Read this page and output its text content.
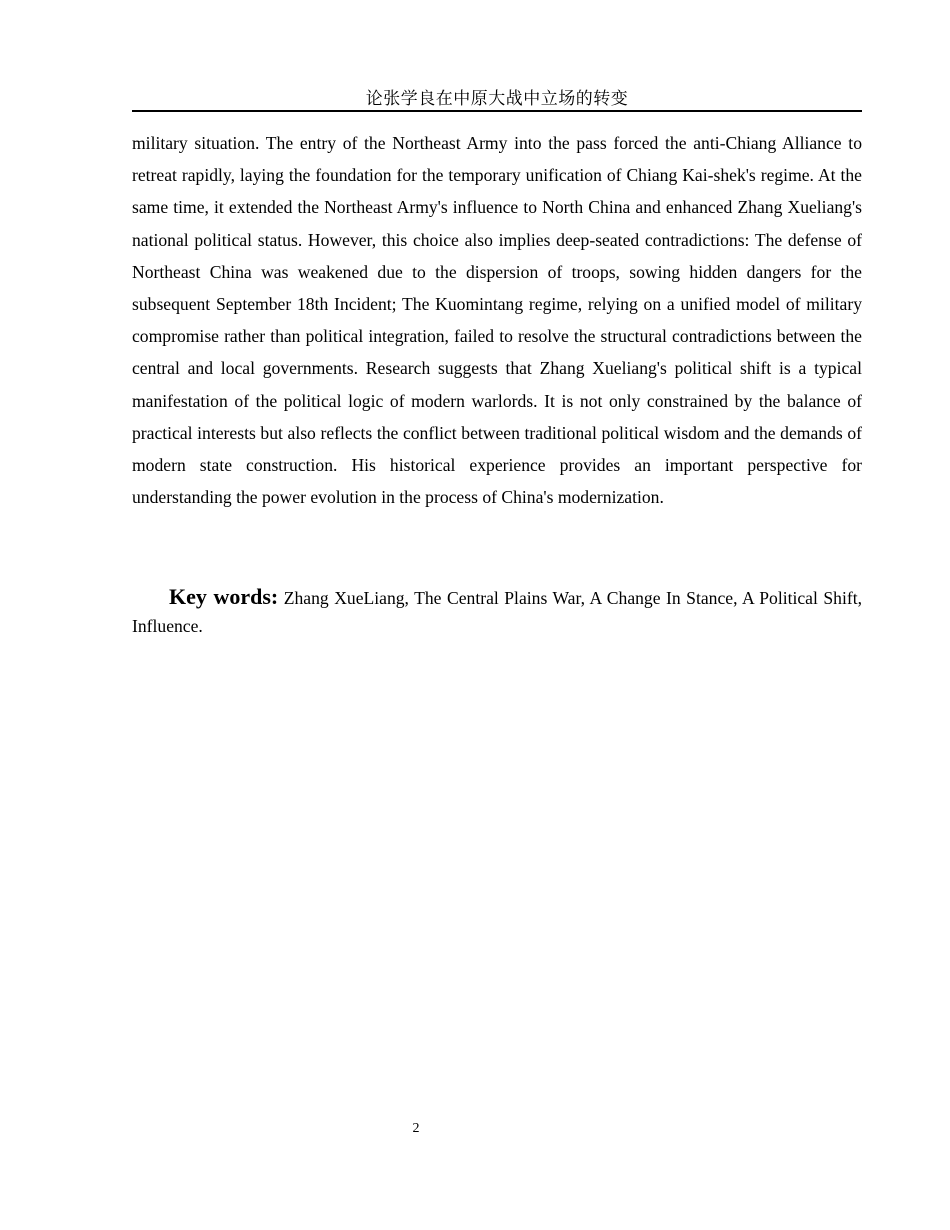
论张学良在中原大战中立场的转变

military situation. The entry of the Northeast Army into the pass forced the anti-Chiang Alliance to retreat rapidly, laying the foundation for the temporary unification of Chiang Kai-shek's regime. At the same time, it extended the Northeast Army's influence to North China and enhanced Zhang Xueliang's national political status. However, this choice also implies deep-seated contradictions: The defense of Northeast China was weakened due to the dispersion of troops, sowing hidden dangers for the subsequent September 18th Incident; The Kuomintang regime, relying on a unified model of military compromise rather than political integration, failed to resolve the structural contradictions between the central and local governments. Research suggests that Zhang Xueliang's political shift is a typical manifestation of the political logic of modern warlords. It is not only constrained by the balance of practical interests but also reflects the conflict between traditional political wisdom and the demands of modern state construction. His historical experience provides an important perspective for understanding the power evolution in the process of China's modernization.

Key words: Zhang XueLiang, The Central Plains War, A Change In Stance, A Political Shift, Influence.

2
